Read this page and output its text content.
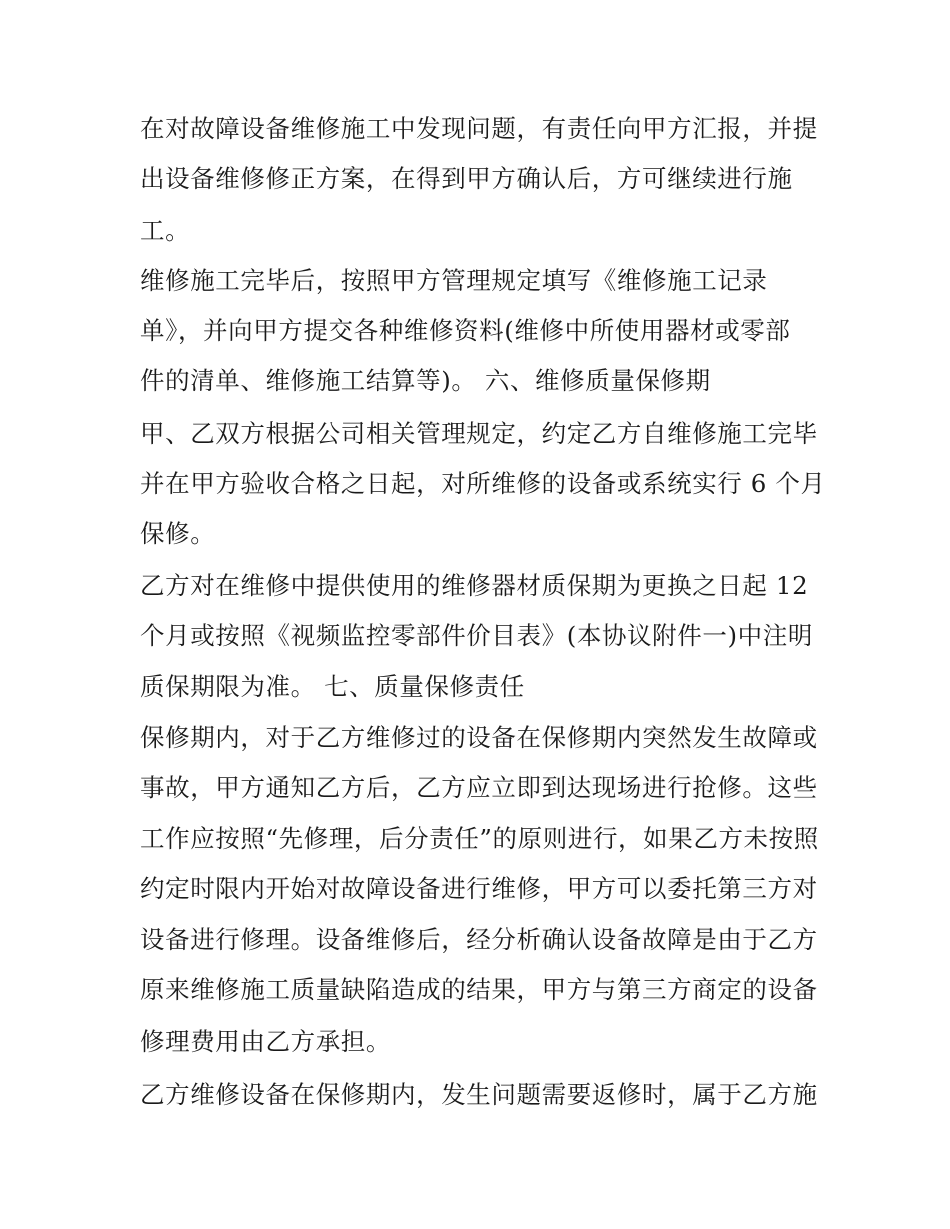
在对故障设备维修施工中发现问题，有责任向甲方汇报，并提
出设备维修修正方案，在得到甲方确认后，方可继续进行施
工。
维修施工完毕后，按照甲方管理规定填写《维修施工记录
单》，并向甲方提交各种维修资料(维修中所使用器材或零部
件的清单、维修施工结算等)。 六、维修质量保修期
甲、乙双方根据公司相关管理规定，约定乙方自维修施工完毕
并在甲方验收合格之日起，对所维修的设备或系统实行 6 个月
保修。
乙方对在维修中提供使用的维修器材质保期为更换之日起 12
个月或按照《视频监控零部件价目表》(本协议附件一)中注明
质保期限为准。 七、质量保修责任
保修期内，对于乙方维修过的设备在保修期内突然发生故障或
事故，甲方通知乙方后，乙方应立即到达现场进行抢修。这些
工作应按照“先修理，后分责任”的原则进行，如果乙方未按照
约定时限内开始对故障设备进行维修，甲方可以委托第三方对
设备进行修理。设备维修后，经分析确认设备故障是由于乙方
原来维修施工质量缺陷造成的结果，甲方与第三方商定的设备
修理费用由乙方承担。
乙方维修设备在保修期内，发生问题需要返修时，属于乙方施
